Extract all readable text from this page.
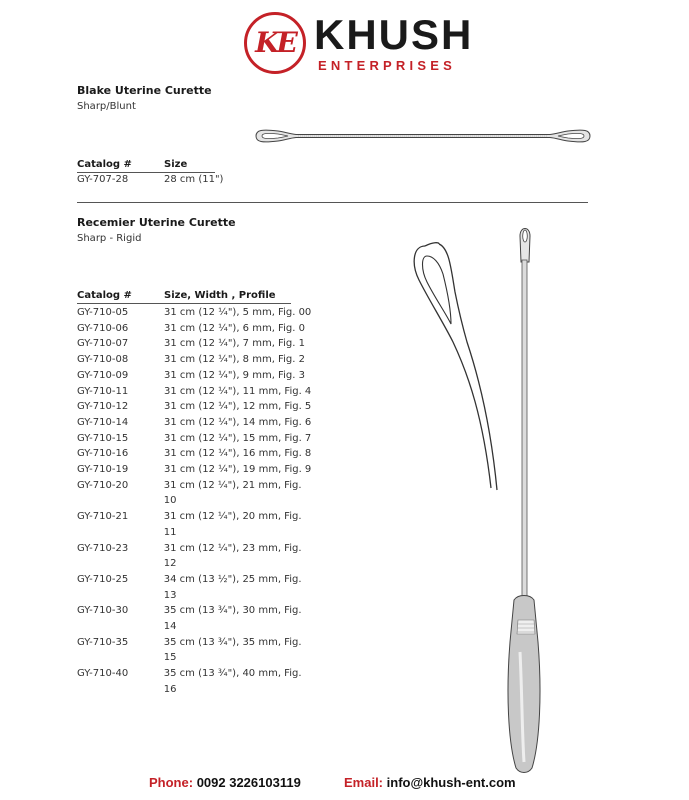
KE KHUSH
ENTERPRISES
Blake Uterine Curette
Sharp/Blunt
Catalog #	Size
GY-707-28	28 cm (11")
Recemier Uterine Curette
Sharp - Rigid
Catalog #	Size, Width , Profile
GY-710-05	31 cm (12 ¼"), 5 mm, Fig. 00
GY-710-06	31 cm (12 ¼"), 6 mm, Fig. 0
GY-710-07	31 cm (12 ¼"), 7 mm, Fig. 1
GY-710-08	31 cm (12 ¼"), 8 mm, Fig. 2
GY-710-09	31 cm (12 ¼"), 9 mm, Fig. 3
GY-710-11	31 cm (12 ¼"), 11 mm, Fig. 4
GY-710-12	31 cm (12 ¼"), 12 mm, Fig. 5
GY-710-14	31 cm (12 ¼"), 14 mm, Fig. 6
GY-710-15	31 cm (12 ¼"), 15 mm, Fig. 7
GY-710-16	31 cm (12 ¼"), 16 mm, Fig. 8
GY-710-19	31 cm (12 ¼"), 19 mm, Fig. 9
GY-710-20	31 cm (12 ¼"), 21 mm, Fig. 10
GY-710-21	31 cm (12 ¼"), 20 mm, Fig. 11
GY-710-23	31 cm (12 ¼"), 23 mm, Fig. 12
GY-710-25	34 cm (13 ½"), 25 mm, Fig. 13
GY-710-30	35 cm (13 ¾"), 30 mm, Fig. 14
GY-710-35	35 cm (13 ¾"), 35 mm, Fig. 15
GY-710-40	35 cm (13 ¾"), 40 mm, Fig. 16
Phone: 0092 3226103119	Email: info@khush-ent.com
